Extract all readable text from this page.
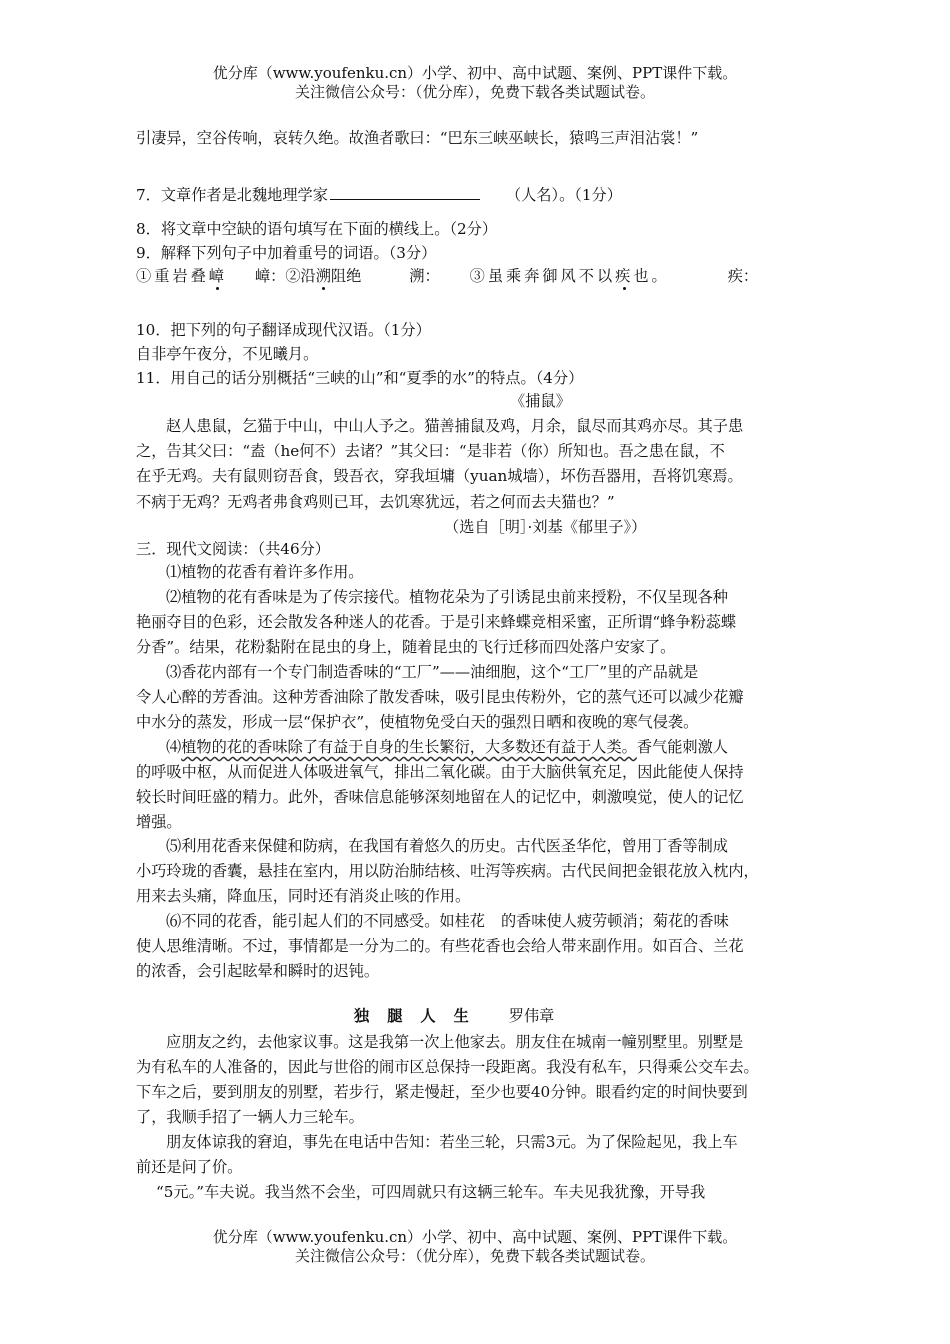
优分库（www.youfenku.cn）小学、初中、高中试题、案例、PPT课件下载。
关注微信公众号：（优分库），免费下载各类试题试卷。
引凄异，空谷传响，哀转久绝。故渔者歌曰：“巴东三峡巫峡长，猿鸣三声泪沾裳！”
7．文章作者是北魏地理学家	（人名）。（1分）
8．将文章中空缺的语句填写在下面的横线上。（2分）
9．解释下列句子中加着重号的词语。（3分）
①重岩叠嶂 嶂：②沿溯阻绝	溯： ③虽乘奔御风不以疾也。	疾：
10．把下列的句子翻译成现代汉语。（1分）
自非亭午夜分，不见曦月。
11．用自己的话分别概括“三峡的山”和“夏季的水”的特点。（4分）
《捕鼠》
赵人患鼠，乞猫于中山，中山人予之。猫善捕鼠及鸡，月余，鼠尽而其鸡亦尽。其子患
之，告其父曰：“盍（he何不）去诸？”其父曰：“是非若（你）所知也。吾之患在鼠，不
在乎无鸡。夫有鼠则窃吾食，毁吾衣，穿我垣墉（yuan城墙），坏伤吾器用，吾将饥寒焉。
不病于无鸡？无鸡者弗食鸡则已耳，去饥寒犹远，若之何而去夫猫也？”
（选自［明］·刘基《郁里子》）
三．现代文阅读：（共46分）
⑴植物的花香有着许多作用。
⑵植物的花有香味是为了传宗接代。植物花朵为了引诱昆虫前来授粉，不仅呈现各种
艳丽夺目的色彩，还会散发各种迷人的花香。于是引来蜂蝶竞相采蜜，正所谓“蜂争粉蕊蝶
分香”。结果，花粉黏附在昆虫的身上，随着昆虫的飞行迁移而四处落户安家了。
⑶香花内部有一个专门制造香味的“工厂”——油细胞，这个“工厂”里的产品就是
令人心醉的芳香油。这种芳香油除了散发香味，吸引昆虫传粉外，它的蒸气还可以减少花瓣
中水分的蒸发，形成一层“保护衣”，使植物免受白天的强烈日晒和夜晚的寒气侵袭。
⑷植物的花的香味除了有益于自身的生长繁衍，大多数还有益于人类。香气能刺激人
的呼吸中枢，从而促进人体吸进氧气，排出二氧化碳。由于大脑供氧充足，因此能使人保持
较长时间旺盛的精力。此外，香味信息能够深刻地留在人的记忆中，刺激嗅觉，使人的记忆
增强。
⑸利用花香来保健和防病，在我国有着悠久的历史。古代医圣华佗，曾用丁香等制成
小巧玲珑的香囊，悬挂在室内，用以防治肺结核、吐泻等疾病。古代民间把金银花放入枕内，
用来去头痛，降血压，同时还有消炎止咳的作用。
⑹不同的花香，能引起人们的不同感受。如桂花 的香味使人疲劳顿消；菊花的香味
使人思维清晰。不过，事情都是一分为二的。有些花香也会给人带来副作用。如百合、兰花
的浓香，会引起眩晕和瞬时的迟钝。
独腿人生 罗伟章
应朋友之约，去他家议事。这是我第一次上他家去。朋友住在城南一幢别墅里。别墅是
为有私车的人准备的，因此与世俗的闹市区总保持一段距离。我没有私车，只得乘公交车去。
下车之后，要到朋友的别墅，若步行，紧走慢赶，至少也要40分钟。眼看约定的时间快要到
了，我顺手招了一辆人力三轮车。
朋友体谅我的窘迫，事先在电话中告知：若坐三轮，只需3元。为了保险起见，我上车
前还是问了价。
“5元。”车夫说。我当然不会坐，可四周就只有这辆三轮车。车夫见我犹豫，开导我
优分库（www.youfenku.cn）小学、初中、高中试题、案例、PPT课件下载。
关注微信公众号：（优分库），免费下载各类试题试卷。
